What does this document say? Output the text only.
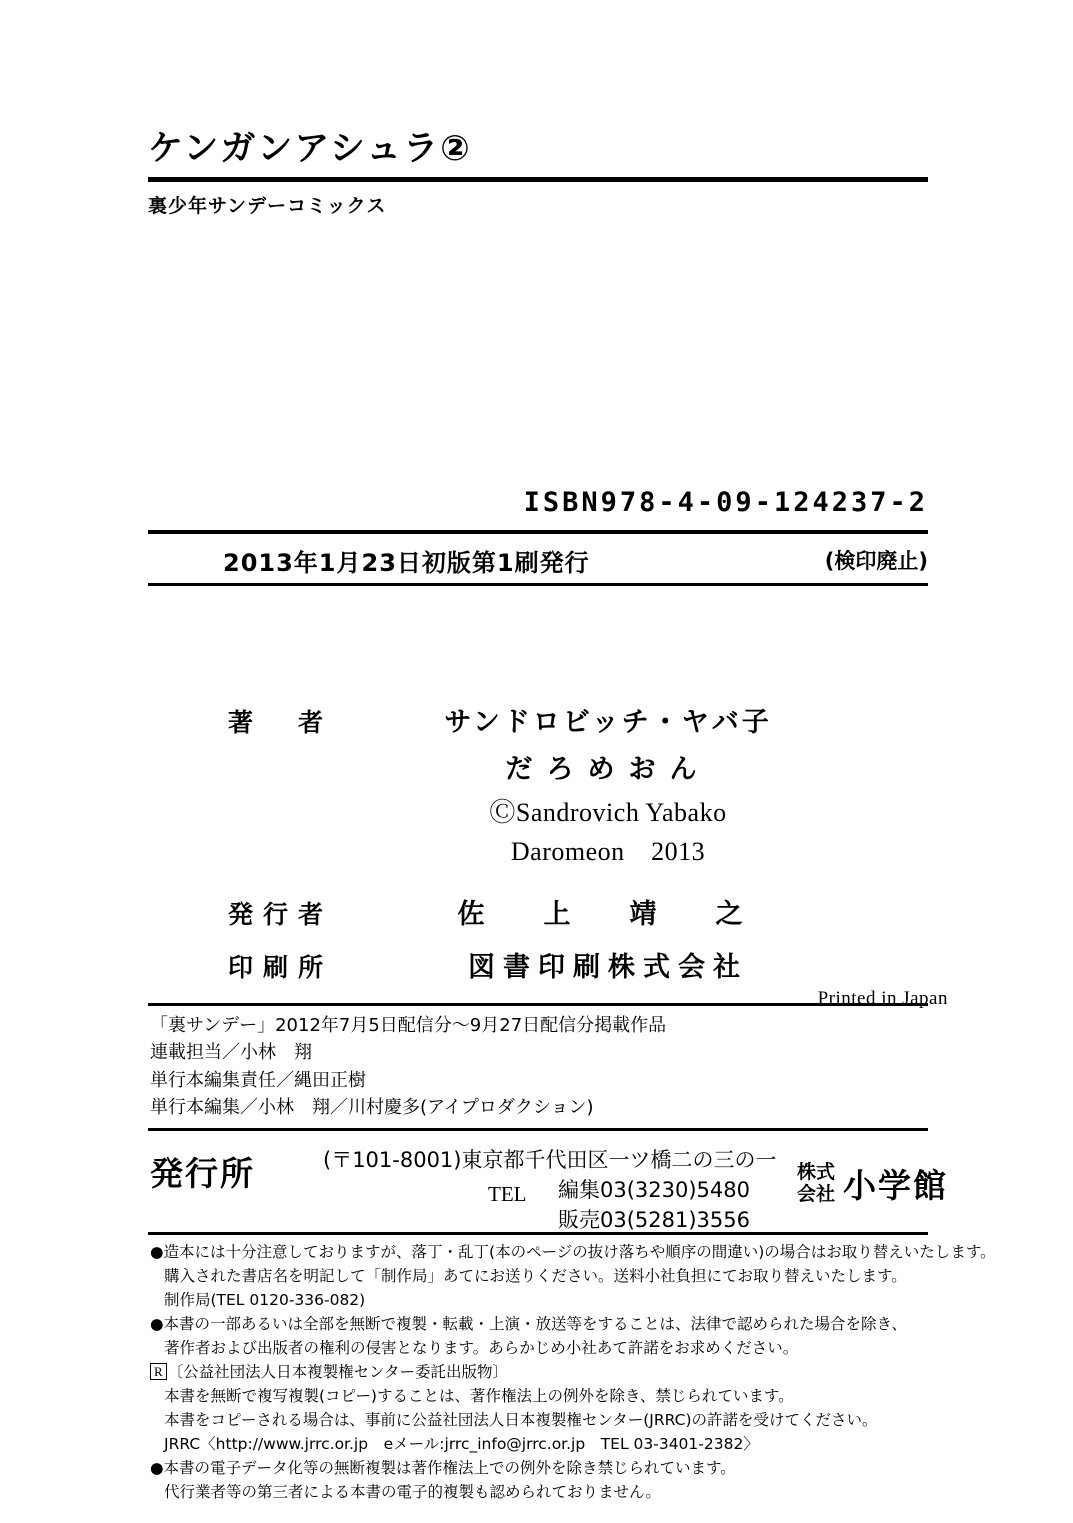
ケンガンアシュラ②
裏少年サンデーコミックス
ISBN978-4-09-124237-2
2013年1月23日初版第1刷発行	(検印廃止)
著　者	サンドロビッチ・ヤバ子
だろめおん
ⒸSandrovich Yabako
Daromeon　2013
発行者	佐　上　靖　之
印刷所	図書印刷株式会社
Printed in Japan
「裏サンデー」2012年7月5日配信分〜9月27日配信分掲載作品
連載担当／小林　翔
単行本編集責任／縄田正樹
単行本編集／小林　翔／川村慶多(アイプロダクション)
発行所	(〒101-8001)東京都千代田区一ツ橋二の三の一
TEL 編集03(3230)5480
販売03(5281)3556
株式
会社 小学館
●造本には十分注意しておりますが、落丁・乱丁(本のページの抜け落ちや順序の間違い)の場合はお取り替えいたします。
購入された書店名を明記して「制作局」あてにお送りください。送料小社負担にてお取り替えいたします。
制作局(TEL 0120-336-082)
●本書の一部あるいは全部を無断で複製・転載・上演・放送等をすることは、法律で認められた場合を除き、
著作者および出版者の権利の侵害となります。あらかじめ小社あて許諾をお求めください。
R 〔公益社団法人日本複製権センター委託出版物〕
本書を無断で複写複製(コピー)することは、著作権法上の例外を除き、禁じられています。
本書をコピーされる場合は、事前に公益社団法人日本複製権センター(JRRC)の許諾を受けてください。
JRRC〈http://www.jrrc.or.jp　eメール:jrrc_info@jrrc.or.jp　TEL 03-3401-2382〉
●本書の電子データ化等の無断複製は著作権法上での例外を除き禁じられています。
代行業者等の第三者による本書の電子的複製も認められておりません。
